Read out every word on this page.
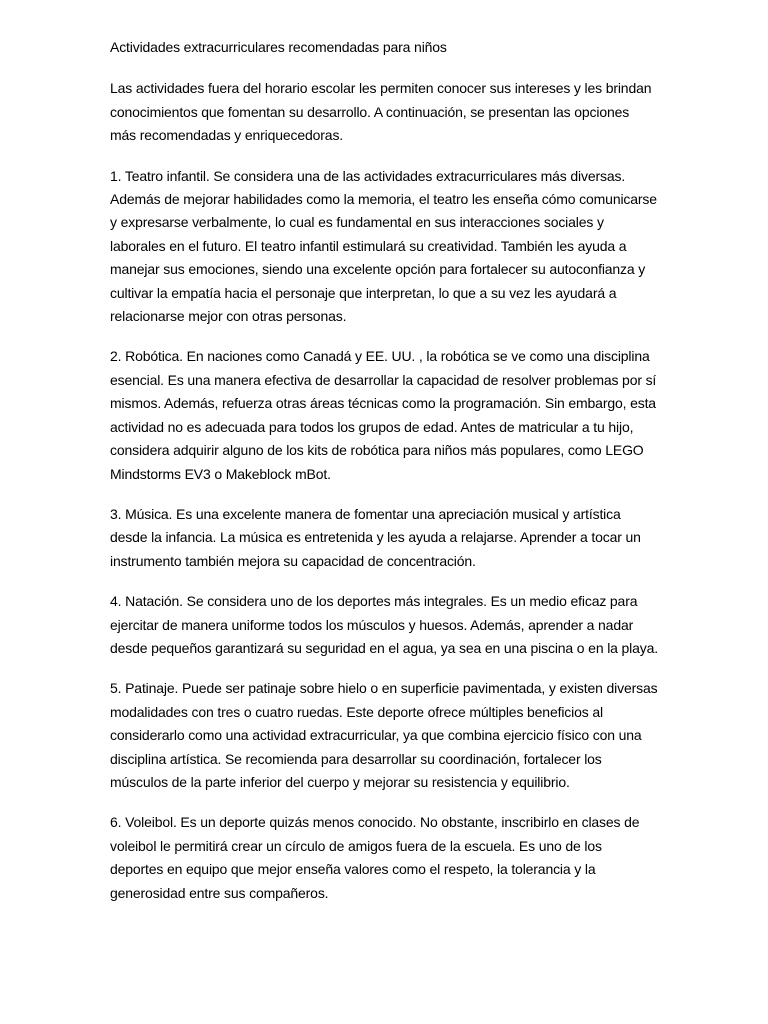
Actividades extracurriculares recomendadas para niños

Las actividades fuera del horario escolar les permiten conocer sus intereses y les brindan conocimientos que fomentan su desarrollo. A continuación, se presentan las opciones más recomendadas y enriquecedoras.

1. Teatro infantil. Se considera una de las actividades extracurriculares más diversas. Además de mejorar habilidades como la memoria, el teatro les enseña cómo comunicarse y expresarse verbalmente, lo cual es fundamental en sus interacciones sociales y laborales en el futuro. El teatro infantil estimulará su creatividad. También les ayuda a manejar sus emociones, siendo una excelente opción para fortalecer su autoconfianza y cultivar la empatía hacia el personaje que interpretan, lo que a su vez les ayudará a relacionarse mejor con otras personas.

2. Robótica. En naciones como Canadá y EE. UU. , la robótica se ve como una disciplina esencial. Es una manera efectiva de desarrollar la capacidad de resolver problemas por sí mismos. Además, refuerza otras áreas técnicas como la programación. Sin embargo, esta actividad no es adecuada para todos los grupos de edad. Antes de matricular a tu hijo, considera adquirir alguno de los kits de robótica para niños más populares, como LEGO Mindstorms EV3 o Makeblock mBot.

3. Música. Es una excelente manera de fomentar una apreciación musical y artística desde la infancia. La música es entretenida y les ayuda a relajarse. Aprender a tocar un instrumento también mejora su capacidad de concentración.

4. Natación. Se considera uno de los deportes más integrales. Es un medio eficaz para ejercitar de manera uniforme todos los músculos y huesos. Además, aprender a nadar desde pequeños garantizará su seguridad en el agua, ya sea en una piscina o en la playa.

5. Patinaje. Puede ser patinaje sobre hielo o en superficie pavimentada, y existen diversas modalidades con tres o cuatro ruedas. Este deporte ofrece múltiples beneficios al considerarlo como una actividad extracurricular, ya que combina ejercicio físico con una disciplina artística. Se recomienda para desarrollar su coordinación, fortalecer los músculos de la parte inferior del cuerpo y mejorar su resistencia y equilibrio.

6. Voleibol. Es un deporte quizás menos conocido. No obstante, inscribirlo en clases de voleibol le permitirá crear un círculo de amigos fuera de la escuela. Es uno de los deportes en equipo que mejor enseña valores como el respeto, la tolerancia y la generosidad entre sus compañeros.
